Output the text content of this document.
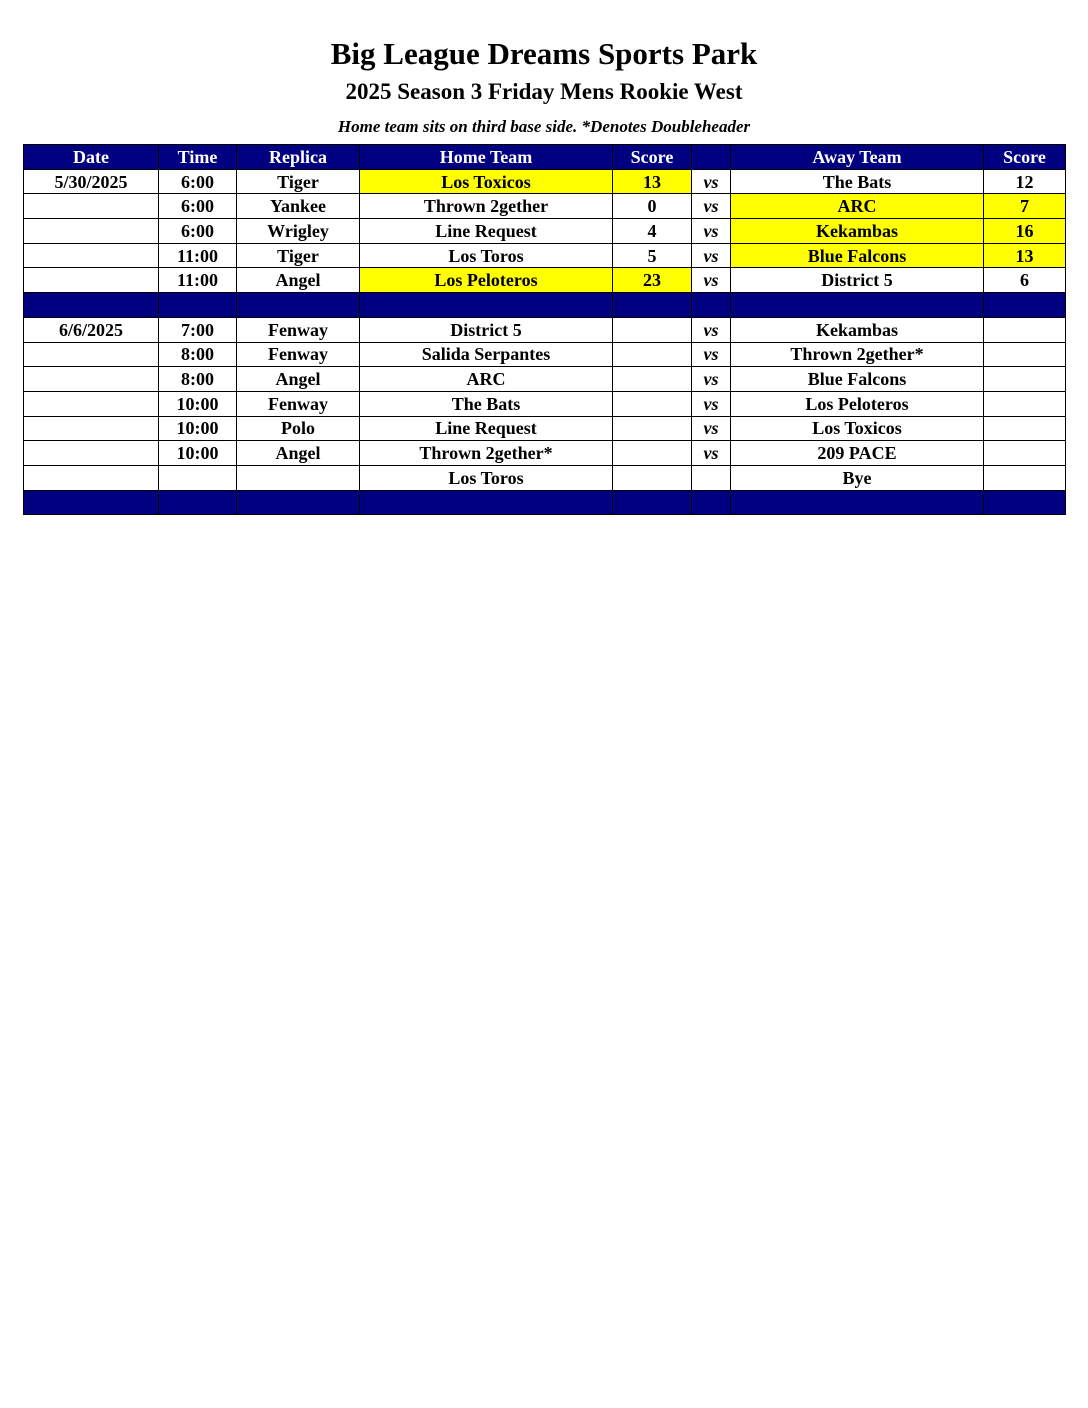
Big League Dreams Sports Park
2025 Season 3 Friday Mens Rookie West
Home team sits on third base side. *Denotes Doubleheader
Date	Time	Replica	Home Team	Score		Away Team	Score
5/30/2025	6:00	Tiger	Los Toxicos	13	vs	The Bats	12
	6:00	Yankee	Thrown 2gether	0	vs	ARC	7
	6:00	Wrigley	Line Request	4	vs	Kekambas	16
	11:00	Tiger	Los Toros	5	vs	Blue Falcons	13
	11:00	Angel	Los Peloteros	23	vs	District 5	6

6/6/2025	7:00	Fenway	District 5		vs	Kekambas	
	8:00	Fenway	Salida Serpantes		vs	Thrown 2gether*	
	8:00	Angel	ARC		vs	Blue Falcons	
	10:00	Fenway	The Bats		vs	Los Peloteros	
	10:00	Polo	Line Request		vs	Los Toxicos	
	10:00	Angel	Thrown 2gether*		vs	209 PACE	
			Los Toros			Bye	
